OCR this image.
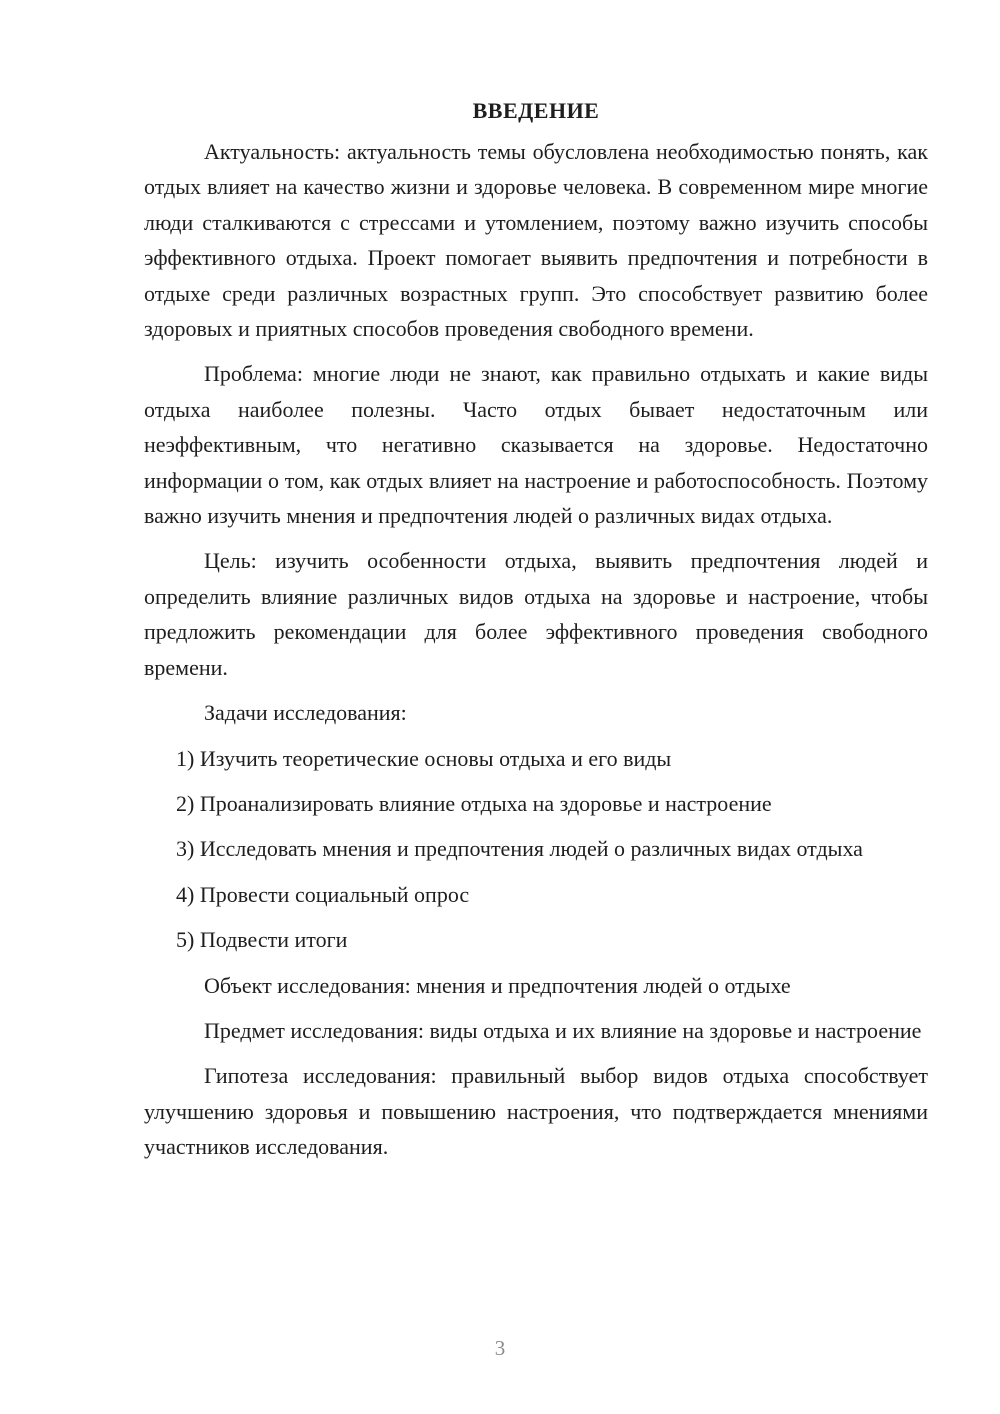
ВВЕДЕНИЕ

Актуальность: актуальность темы обусловлена необходимостью понять, как отдых влияет на качество жизни и здоровье человека. В современном мире многие люди сталкиваются с стрессами и утомлением, поэтому важно изучить способы эффективного отдыха. Проект помогает выявить предпочтения и потребности в отдыхе среди различных возрастных групп. Это способствует развитию более здоровых и приятных способов проведения свободного времени.

Проблема: многие люди не знают, как правильно отдыхать и какие виды отдыха наиболее полезны. Часто отдых бывает недостаточным или неэффективным, что негативно сказывается на здоровье. Недостаточно информации о том, как отдых влияет на настроение и работоспособность. Поэтому важно изучить мнения и предпочтения людей о различных видах отдыха.

Цель: изучить особенности отдыха, выявить предпочтения людей и определить влияние различных видов отдыха на здоровье и настроение, чтобы предложить рекомендации для более эффективного проведения свободного времени.

Задачи исследования:

1) Изучить теоретические основы отдыха и его виды

2) Проанализировать влияние отдыха на здоровье и настроение

3) Исследовать мнения и предпочтения людей о различных видах отдыха

4) Провести социальный опрос

5) Подвести итоги

Объект исследования: мнения и предпочтения людей о отдыхе

Предмет исследования: виды отдыха и их влияние на здоровье и настроение

Гипотеза исследования: правильный выбор видов отдыха способствует улучшению здоровья и повышению настроения, что подтверждается мнениями участников исследования.

3
